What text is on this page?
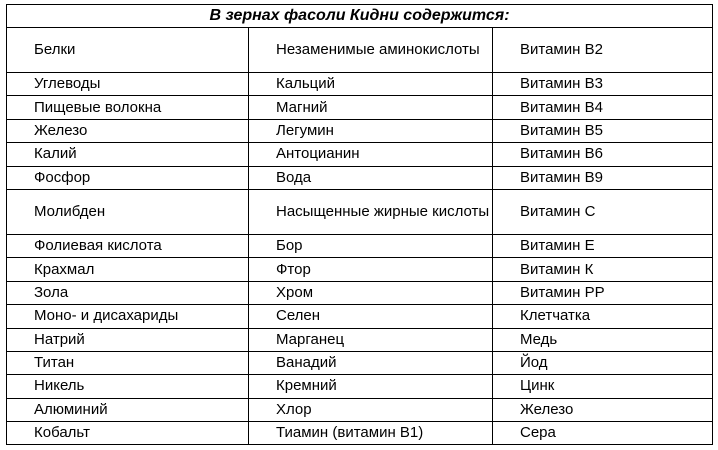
В зернах фасоли Кидни содержится:		
Белки	Незаменимые аминокислоты	Витамин В2
Углеводы	Кальций	Витамин В3
Пищевые волокна	Магний	Витамин В4
Железо	Легумин	Витамин В5
Калий	Антоцианин	Витамин В6
Фосфор	Вода	Витамин В9
Молибден	Насыщенные жирные кислоты	Витамин С
Фолиевая кислота	Бор	Витамин Е
Крахмал	Фтор	Витамин К
Зола	Хром	Витамин РР
Моно- и дисахариды	Селен	Клетчатка
Натрий	Марганец	Медь
Титан	Ванадий	Йод
Никель	Кремний	Цинк
Алюминий	Хлор	Железо
Кобальт	Тиамин (витамин В1)	Сера
